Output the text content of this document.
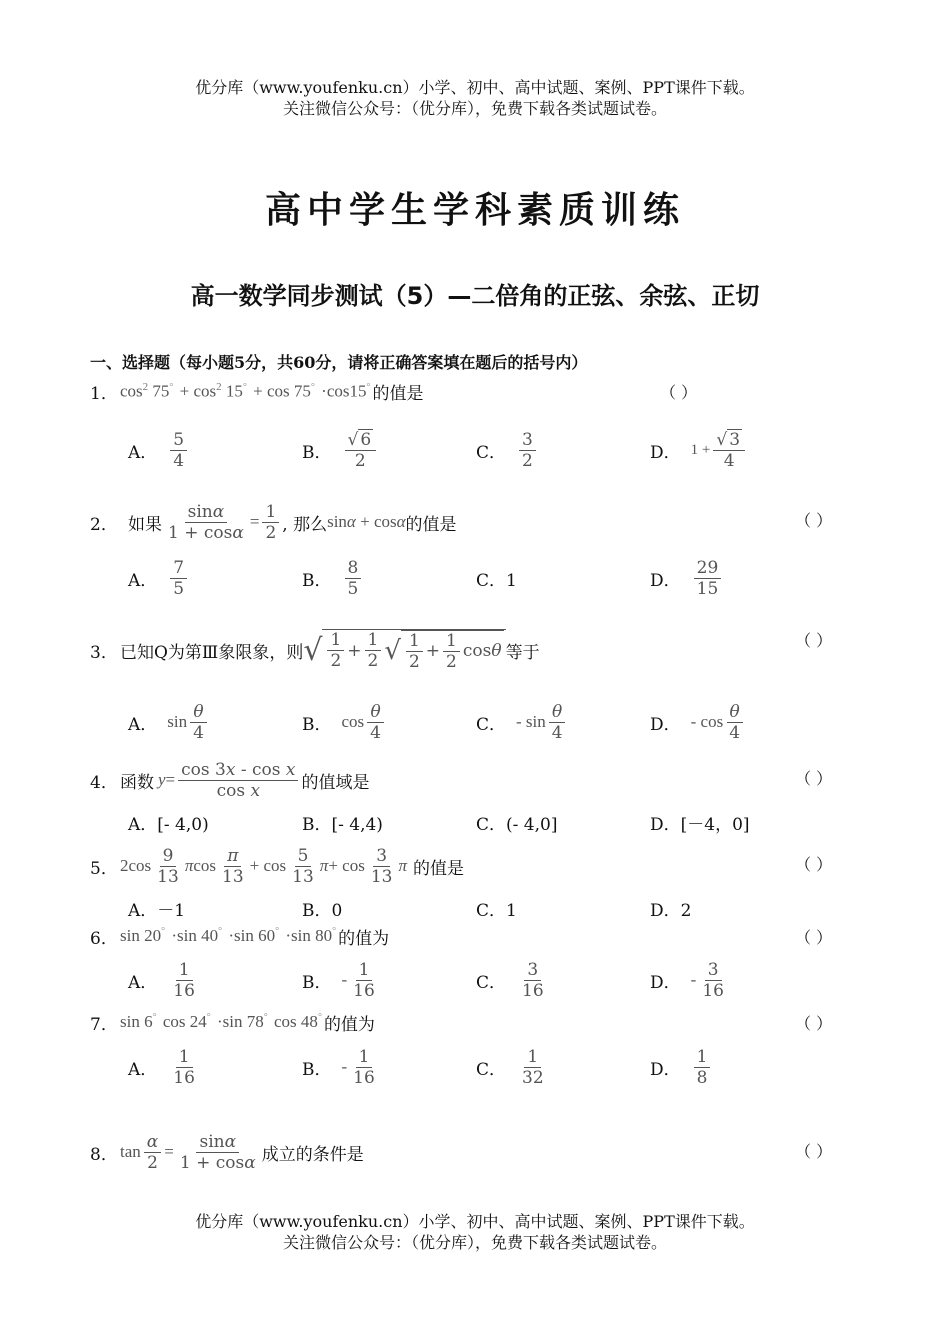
优分库（www.youfenku.cn）小学、初中、高中试题、案例、PPT课件下载。
关注微信公众号：（优分库），免费下载各类试题试卷。
高中学生学科素质训练
高一数学同步测试（5）—二倍角的正弦、余弦、正切
一、选择题（每小题5分，共60分，请将正确答案填在题后的括号内）
1． $\cos^2 75^\circ + \cos^2 15^\circ + \cos 75^\circ \cdot\cos 15^\circ$ 的值是	（ ）
A． $\frac{5}{4}$	B． $\frac{√ 6}{2}$	C． $\frac{3}{2}$	D． $1 + \frac{√ 3}{4}$
2． 如果 $\frac{\sin\alpha}{1 + \cos\alpha} = \frac{1}{2}$ , 那么 sinα + cosα 的值是	（ ）
A． $\frac{7}{5}$	B． $\frac{8}{5}$	C．1	D． $\frac{29}{15}$
3． 已知Q为第Ⅲ象限象，则 √ $\frac{1}{2} + \frac{1}{2}$ √ $\frac{1}{2} + \frac{1}{2}$ cos θ 等于
（ ）
A． $\sin \frac{\theta}{4}$	B． $\cos \frac{\theta}{4}$	C． - $\sin \frac{\theta}{4}$	D． - $\cos \frac{\theta}{4}$
4． 函数 $y = \frac{\text{cos 3x - cos x}}{\text{cos x}}$ 的值域是	（ ）
A．[- 4,0)	B．[- 4,4)	C．(- 4,0]	D．[－4，0]
5． $2\cos \frac{9}{13}$ π $\cos \frac{\pi}{13} + \cos \frac{5}{13}$ $\pi + \cos \frac{3}{13}$ π 的值是	（ ）
A．－1	B．0	C．1	D．2
6． sin 20° ·sin 40° ·sin 60° ·sin 80° 的值为	（ ）
A． $\frac{1}{16}$	B． - $\frac{1}{16}$	C． $\frac{3}{16}$	D． - $\frac{3}{16}$
7． sin 6° cos 24° ·sin 78° cos 48° 的值为	（ ）
A． $\frac{1}{16}$	B． - $\frac{1}{16}$	C． $\frac{1}{32}$	D． $\frac{1}{8}$
8． $\tan \frac{\alpha}{2} = \frac{\sin\alpha}{1 + \cos\alpha}$ 成立的条件是	（ ）
优分库（www.youfenku.cn）小学、初中、高中试题、案例、PPT课件下载。
关注微信公众号：（优分库），免费下载各类试题试卷。
